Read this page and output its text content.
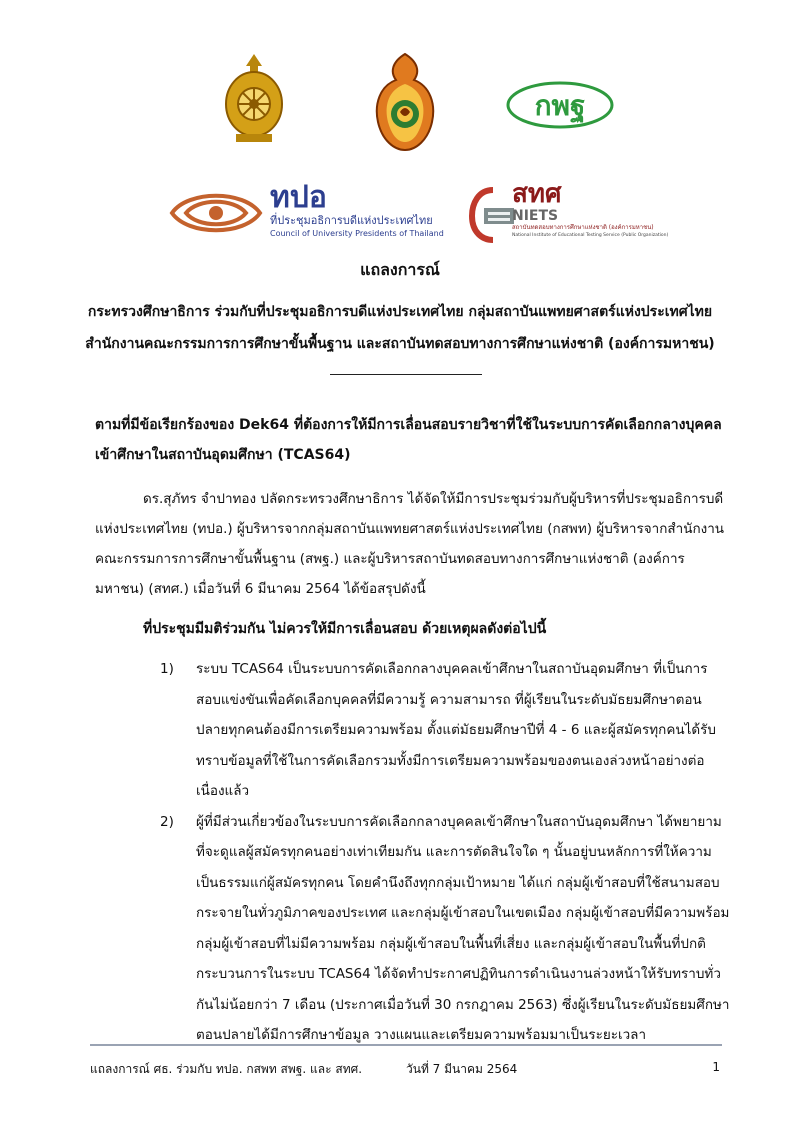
กพฐ
ทปอ
ที่ประชุมอธิการบดีแห่งประเทศไทย
Council of University Presidents of Thailand
สทศ
NIETS
สถาบันทดสอบทางการศึกษาแห่งชาติ (องค์การมหาชน)
National Institute of Educational Testing Service (Public Organization)
แถลงการณ์
กระทรวงศึกษาธิการ ร่วมกับที่ประชุมอธิการบดีแห่งประเทศไทย กลุ่มสถาบันแพทยศาสตร์แห่งประเทศไทย
สำนักงานคณะกรรมการการศึกษาขั้นพื้นฐาน และสถาบันทดสอบทางการศึกษาแห่งชาติ (องค์การมหาชน)
ตามที่มีข้อเรียกร้องของ Dek64 ที่ต้องการให้มีการเลื่อนสอบรายวิชาที่ใช้ในระบบการคัดเลือกกลางบุคคลเข้าศึกษาในสถาบันอุดมศึกษา (TCAS64)
ดร.สุภัทร จำปาทอง ปลัดกระทรวงศึกษาธิการ ได้จัดให้มีการประชุมร่วมกับผู้บริหารที่ประชุมอธิการบดีแห่งประเทศไทย (ทปอ.) ผู้บริหารจากกลุ่มสถาบันแพทยศาสตร์แห่งประเทศไทย (กสพท) ผู้บริหารจากสำนักงานคณะกรรมการการศึกษาขั้นพื้นฐาน (สพฐ.) และผู้บริหารสถาบันทดสอบทางการศึกษาแห่งชาติ (องค์การมหาชน) (สทศ.) เมื่อวันที่ 6 มีนาคม 2564 ได้ข้อสรุปดังนี้
ที่ประชุมมีมติร่วมกัน ไม่ควรให้มีการเลื่อนสอบ ด้วยเหตุผลดังต่อไปนี้
1)	ระบบ TCAS64 เป็นระบบการคัดเลือกกลางบุคคลเข้าศึกษาในสถาบันอุดมศึกษา ที่เป็นการสอบแข่งขันเพื่อคัดเลือกบุคคลที่มีความรู้ ความสามารถ ที่ผู้เรียนในระดับมัธยมศึกษาตอนปลายทุกคนต้องมีการเตรียมความพร้อม ตั้งแต่มัธยมศึกษาปีที่ 4 - 6 และผู้สมัครทุกคนได้รับทราบข้อมูลที่ใช้ในการคัดเลือกรวมทั้งมีการเตรียมความพร้อมของตนเองล่วงหน้าอย่างต่อเนื่องแล้ว
2)	ผู้ที่มีส่วนเกี่ยวข้องในระบบการคัดเลือกกลางบุคคลเข้าศึกษาในสถาบันอุดมศึกษา ได้พยายามที่จะดูแลผู้สมัครทุกคนอย่างเท่าเทียมกัน และการตัดสินใจใด ๆ นั้นอยู่บนหลักการที่ให้ความเป็นธรรมแก่ผู้สมัครทุกคน โดยคำนึงถึงทุกกลุ่มเป้าหมาย ได้แก่ กลุ่มผู้เข้าสอบที่ใช้สนามสอบกระจายในทั่วภูมิภาคของประเทศ และกลุ่มผู้เข้าสอบในเขตเมือง กลุ่มผู้เข้าสอบที่มีความพร้อม กลุ่มผู้เข้าสอบที่ไม่มีความพร้อม กลุ่มผู้เข้าสอบในพื้นที่เสี่ยง และกลุ่มผู้เข้าสอบในพื้นที่ปกติ กระบวนการในระบบ TCAS64 ได้จัดทำประกาศปฏิทินการดำเนินงานล่วงหน้าให้รับทราบทั่วกันไม่น้อยกว่า 7 เดือน (ประกาศเมื่อวันที่ 30 กรกฎาคม 2563) ซึ่งผู้เรียนในระดับมัธยมศึกษาตอนปลายได้มีการศึกษาข้อมูล วางแผนและเตรียมความพร้อมมาเป็นระยะเวลา
แถลงการณ์ ศธ. ร่วมกับ ทปอ. กสพท สพฐ. และ สทศ.	วันที่ 7 มีนาคม 2564	1
